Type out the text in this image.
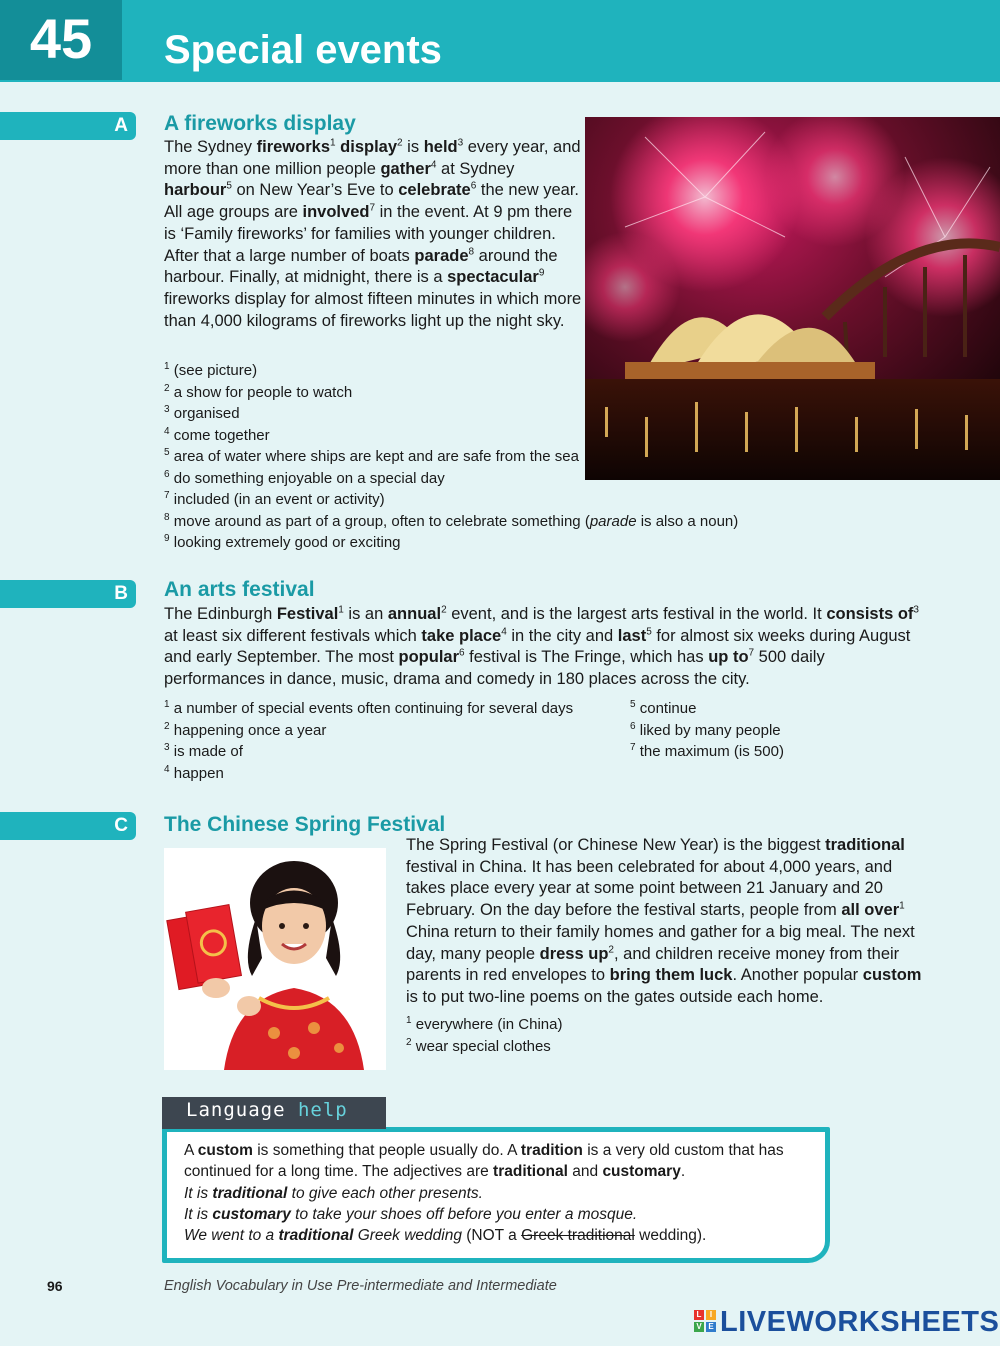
45	Special events
A A fireworks display
The Sydney fireworks$^1$ display$^2$ is held$^3$ every year, and more than one million people gather$^4$ at Sydney harbour$^5$ on New Year’s Eve to celebrate$^6$ the new year. All age groups are involved$^7$ in the event. At 9 pm there is ‘Family fireworks’ for families with younger children. After that a large number of boats parade$^8$ around the harbour. Finally, at midnight, there is a spectacular$^9$ fireworks display for almost fifteen minutes in which more than 4,000 kilograms of fireworks light up the night sky.
$^1$ (see picture)
$^2$ a show for people to watch
$^3$ organised
$^4$ come together
$^5$ area of water where ships are kept and are safe from the sea
$^6$ do something enjoyable on a special day
$^7$ included (in an event or activity)
$^8$ move around as part of a group, often to celebrate something (parade is also a noun)
$^9$ looking extremely good or exciting
B An arts festival
The Edinburgh Festival$^1$ is an annual$^2$ event, and is the largest arts festival in the world. It consists $of^3$ at least six different festivals which take place$^4$ in the city and last$^5$ for almost six weeks during August and early September. The most popular$^6$ festival is The Fringe, which has up $to^7$ 500 daily performances in dance, music, drama and comedy in 180 places across the city.
$^1$ a number of special events often continuing for several days
$^2$ happening once a year
$^3$ is made of
$^4$ happen
$^5$ continue
$^6$ liked by many people
$^7$ the maximum (is 500)
C The Chinese Spring Festival
The Spring Festival (or Chinese New Year) is the biggest traditional festival in China. It has been celebrated for about 4,000 years, and takes place every year at some point between 21 January and 20 February. On the day before the festival starts, people from all over$^1$ China return to their family homes and gather for a big meal. The next day, many people dress $up^2$, and children receive money from their parents in red envelopes to bring them luck. Another popular custom is to put two-line poems on the gates outside each home.
$^1$ everywhere (in China)
$^2$ wear special clothes
Language help
A custom is something that people usually do. A tradition is a very old custom that has continued for a long time. The adjectives are traditional and customary.
It is traditional to give each other presents.
It is customary to take your shoes off before you enter a mosque.
We went to a traditional Greek wedding (NOT a Greek traditional wedding).
96	English Vocabulary in Use Pre-intermediate and Intermediate
L	I
V E LIVEWORKSHEETS
